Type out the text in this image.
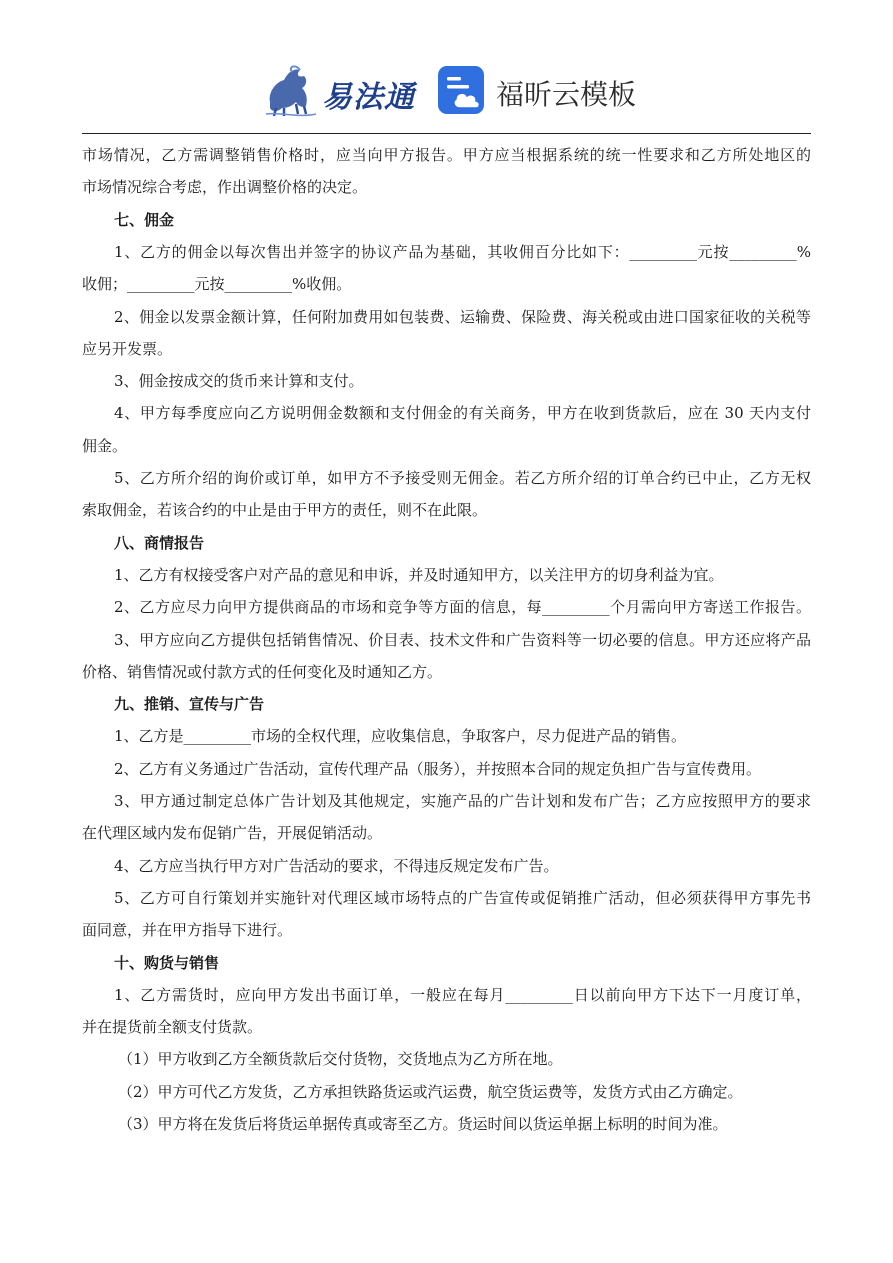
易法通	福昕云模板
市场情况，乙方需调整销售价格时，应当向甲方报告。甲方应当根据系统的统一性要求和乙方所处地区的
市场情况综合考虑，作出调整价格的决定。
七、佣金
1、乙方的佣金以每次售出并签字的协议产品为基础，其收佣百分比如下：_________元按_________%
收佣；_________元按_________%收佣。
2、佣金以发票金额计算，任何附加费用如包装费、运输费、保险费、海关税或由进口国家征收的关税等
应另开发票。
3、佣金按成交的货币来计算和支付。
4、甲方每季度应向乙方说明佣金数额和支付佣金的有关商务，甲方在收到货款后，应在 30 天内支付
佣金。
5、乙方所介绍的询价或订单，如甲方不予接受则无佣金。若乙方所介绍的订单合约已中止，乙方无权
索取佣金，若该合约的中止是由于甲方的责任，则不在此限。
八、商情报告
1、乙方有权接受客户对产品的意见和申诉，并及时通知甲方，以关注甲方的切身利益为宜。
2、乙方应尽力向甲方提供商品的市场和竞争等方面的信息，每_________个月需向甲方寄送工作报告。
3、甲方应向乙方提供包括销售情况、价目表、技术文件和广告资料等一切必要的信息。甲方还应将产品
价格、销售情况或付款方式的任何变化及时通知乙方。
九、推销、宣传与广告
1、乙方是_________市场的全权代理，应收集信息，争取客户，尽力促进产品的销售。
2、乙方有义务通过广告活动，宣传代理产品（服务），并按照本合同的规定负担广告与宣传费用。
3、甲方通过制定总体广告计划及其他规定，实施产品的广告计划和发布广告；乙方应按照甲方的要求
在代理区域内发布促销广告，开展促销活动。
4、乙方应当执行甲方对广告活动的要求，不得违反规定发布广告。
5、乙方可自行策划并实施针对代理区域市场特点的广告宣传或促销推广活动，但必须获得甲方事先书
面同意，并在甲方指导下进行。
十、购货与销售
1、乙方需货时，应向甲方发出书面订单，一般应在每月_________日以前向甲方下达下一月度订单，
并在提货前全额支付货款。
（1）甲方收到乙方全额货款后交付货物，交货地点为乙方所在地。
（2）甲方可代乙方发货，乙方承担铁路货运或汽运费，航空货运费等，发货方式由乙方确定。
（3）甲方将在发货后将货运单据传真或寄至乙方。货运时间以货运单据上标明的时间为准。
